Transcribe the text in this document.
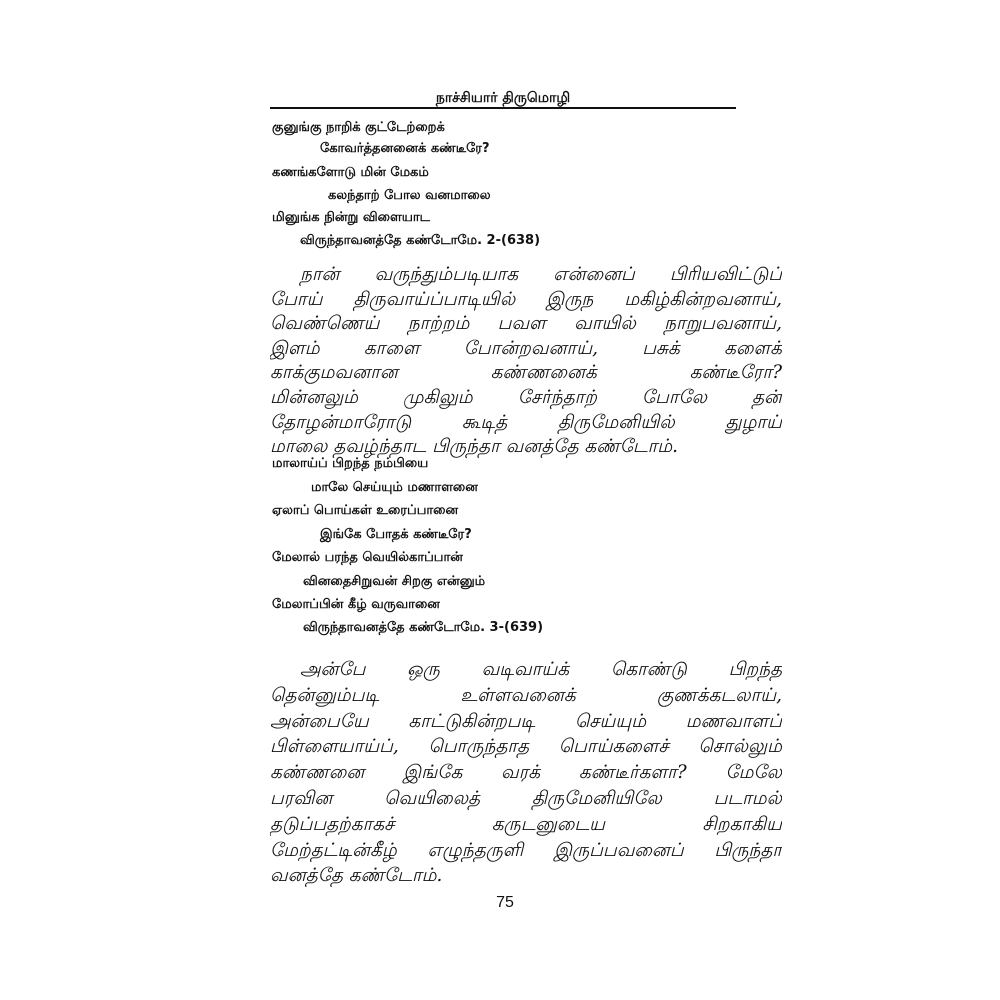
நாச்சியார் திருமொழி
குனுங்கு நாறிக் குட்டேற்றைக்
கோவர்த்தனனைக் கண்டீரே?
கணங்களோடு மின் மேகம்
கலந்தாற் போல வனமாலை
மினுங்க நின்று விளையாட
விருந்தாவனத்தே கண்டோமே. 2-(638)
நான் வருந்தும்படியாக என்னைப் பிரியவிட்டுப்
போய் திருவாய்ப்பாடியில் இருந மகிழ்கின்றவனாய்,
வெண்ணெய் நாற்றம் பவள வாயில் நாறுபவனாய்,
இளம் காளை போன்றவனாய், பசுக் களைக்
காக்குமவனான கண்ணனைக் கண்டீரோ?
மின்னலும் முகிலும் சேர்ந்தாற் போலே தன்
தோழன்மாரோடு கூடித் திருமேனியில் துழாய்
மாலை தவழ்ந்தாட பிருந்தா வனத்தே கண்டோம்.
மாலாய்ப் பிறந்த நம்பியை
மாலே செய்யும் மணாளனை
ஏலாப் பொய்கள் உரைப்பானை
இங்கே போதக் கண்டீரே?
மேலால் பரந்த வெயில்காப்பான்
வினதைசிறுவன் சிறகு என்னும்
மேலாப்பின் கீழ் வருவானை
விருந்தாவனத்தே கண்டோமே. 3-(639)
அன்பே ஒரு வடிவாய்க் கொண்டு பிறந்த
தென்னும்படி உள்ளவனைக் குணக்கடலாய்,
அன்பையே காட்டுகின்றபடி செய்யும் மணவாளப்
பிள்ளையாய்ப், பொருந்தாத பொய்களைச் சொல்லும்
கண்ணனை இங்கே வரக் கண்டீர்களா? மேலே
பரவின வெயிலைத் திருமேனியிலே படாமல்
தடுப்பதற்காகச் கருடனுடைய சிறகாகிய
மேற்தட்டின்கீழ் எழுந்தருளி இருப்பவனைப் பிருந்தா
வனத்தே கண்டோம்.
75
